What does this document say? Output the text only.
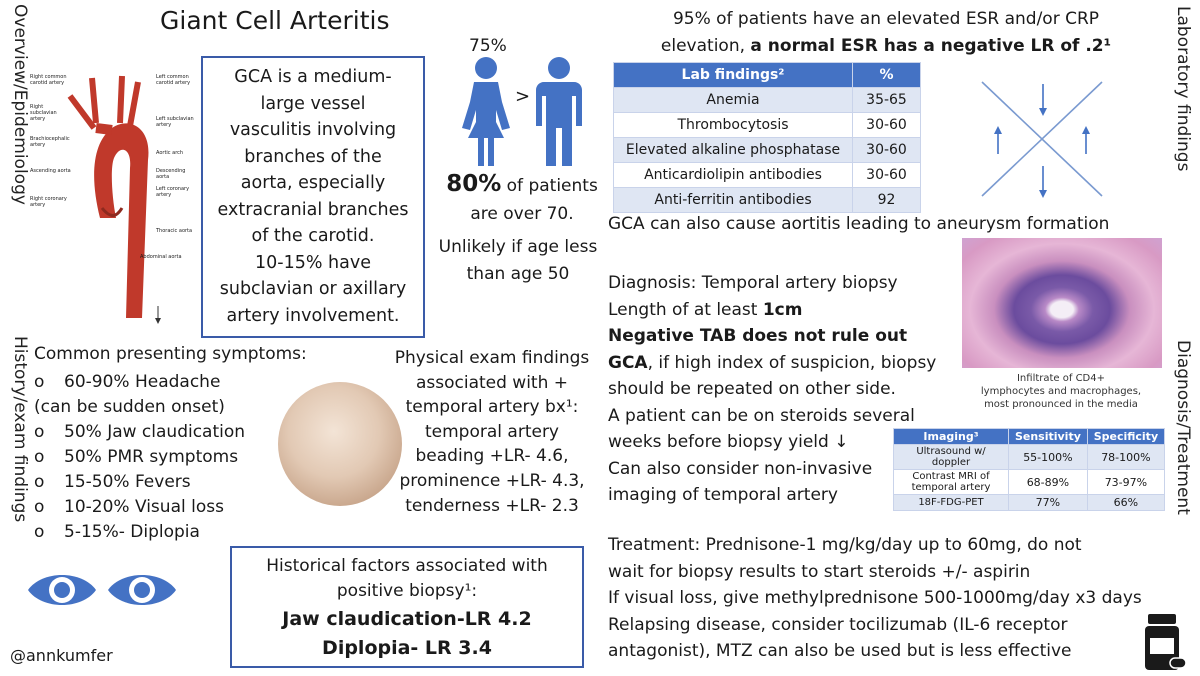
Overview/Epidemiology
History/exam findings
Laboratory findings
Diagnosis/Treatment
Giant Cell Arteritis
Right common carotid artery
Left common carotid artery
Right subclavian artery	Left subclavian artery
Brachiocephalic artery
Aortic arch
Ascending aorta	Descending aorta
Left coronary artery
Right coronary artery
Thoracic aorta
Abdominal aorta
GCA is a medium-
large vessel
vasculitis involving
branches of the
aorta, especially
extracranial branches
of the carotid.
10-15% have
subclavian or axillary
artery involvement.
75%
>
80% of patients
are over 70.
Unlikely if age less
than age 50
Common presenting symptoms:
o 60-90% Headache
(can be sudden onset)
o 50% Jaw claudication
o 50% PMR symptoms
o 15-50% Fevers
o 10-20% Visual loss
o 5-15%- Diplopia
@annkumfer
Physical exam findings
associated with +
temporal artery bx¹:
temporal artery
beading +LR- 4.6,
prominence +LR- 4.3,
tenderness +LR- 2.3
Historical factors associated with
positive biopsy¹:
Jaw claudication-LR 4.2
Diplopia- LR 3.4
95% of patients have an elevated ESR and/or CRP
elevation, a normal ESR has a negative LR of .2¹
Lab findings²	%
Anemia	35-65
Thrombocytosis	30-60
Elevated alkaline phosphatase	30-60
Anticardiolipin antibodies	30-60
Anti-ferritin antibodies	92
GCA can also cause aortitis leading to aneurysm formation
Diagnosis: Temporal artery biopsy
Length of at least 1cm
Negative TAB does not rule out
GCA, if high index of suspicion, biopsy
should be repeated on other side.
A patient can be on steroids several
weeks before biopsy yield ↓
Can also consider non-invasive
imaging of temporal artery
Infiltrate of CD4+
lymphocytes and macrophages,
most pronounced in the media
Imaging³	Sensitivity	Specificity
Ultrasound w/ doppler	55-100%	78-100%
Contrast MRI of temporal artery	68-89%	73-97%
18F-FDG-PET	77%	66%
Treatment: Prednisone-1 mg/kg/day up to 60mg, do not
wait for biopsy results to start steroids +/- aspirin
If visual loss, give methylprednisone 500-1000mg/day x3 days
Relapsing disease, consider tocilizumab (IL-6 receptor
antagonist), MTZ can also be used but is less effective
